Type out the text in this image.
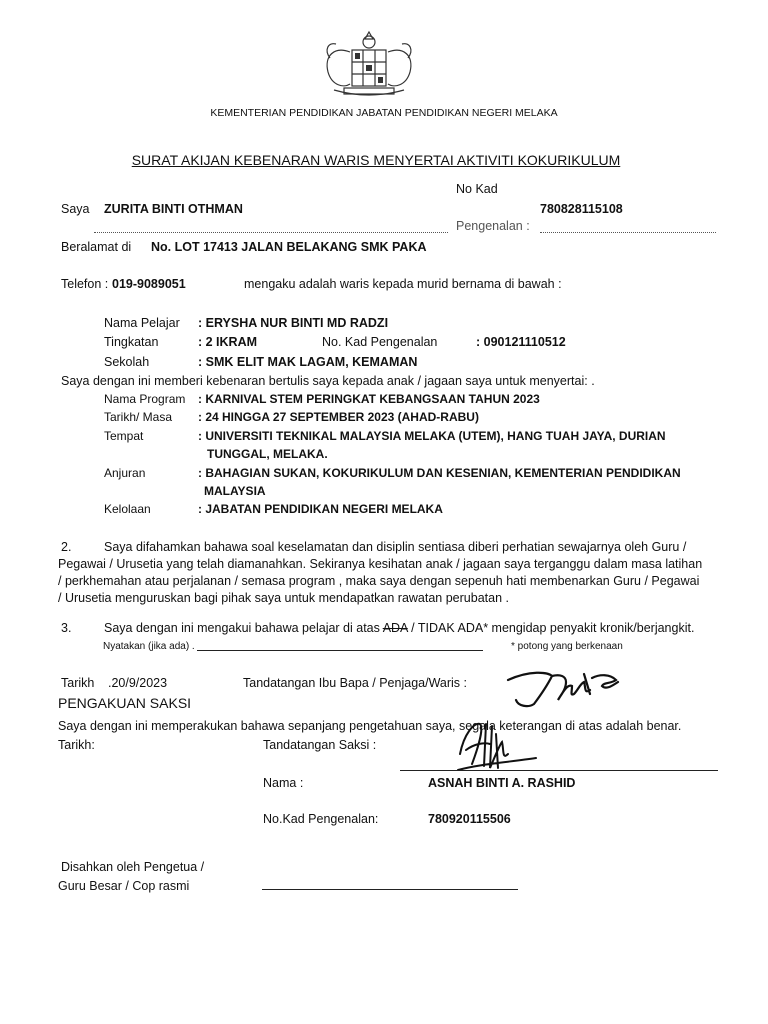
KEMENTERIAN PENDIDIKAN JABATAN PENDIDIKAN NEGERI MELAKA
SURAT AKIJAN KEBENARAN WARIS MENYERTAI AKTIVITI KOKURIKULUM
No Kad
Saya ZURITA BINTI OTHMAN	780828115108
Pengenalan :
Beralamat di No. LOT 17413 JALAN BELAKANG SMK PAKA
Telefon : 019-9089051	mengaku adalah waris kepada murid bernama di bawah :
Nama Pelajar : ERYSHA NUR BINTI MD RADZI
Tingkatan	: 2 IKRAM	No. Kad Pengenalan	: 090121110512
Sekolah	: SMK ELIT MAK LAGAM, KEMAMAN
Saya dengan ini memberi kebenaran bertulis saya kepada anak / jagaan saya untuk menyertai: .
Nama Program : KARNIVAL STEM PERINGKAT KEBANGSAAN TAHUN 2023
Tarikh/ Masa : 24 HINGGA 27 SEPTEMBER 2023 (AHAD-RABU)
Tempat	: UNIVERSITI TEKNIKAL MALAYSIA MELAKA (UTEM), HANG TUAH JAYA, DURIAN
TUNGGAL, MELAKA.
Anjuran	: BAHAGIAN SUKAN, KOKURIKULUM DAN KESENIAN, KEMENTERIAN PENDIDIKAN
MALAYSIA
Kelolaan	: JABATAN PENDIDIKAN NEGERI MELAKA
2.	Saya difahamkan bahawa soal keselamatan dan disiplin sentiasa diberi perhatian sewajarnya oleh Guru /
Pegawai / Urusetia yang telah diamanahkan. Sekiranya kesihatan anak / jagaan saya terganggu dalam masa latihan
/ perkhemahan atau perjalanan / semasa program , maka saya dengan sepenuh hati membenarkan Guru / Pegawai
/ Urusetia menguruskan bagi pihak saya untuk mendapatkan rawatan perubatan .
3.	Saya dengan ini mengakui bahawa pelajar di atas ADA / TIDAK ADA* mengidap penyakit kronik/berjangkit.
Nyatakan (jika ada) .	* potong yang berkenaan
Tarikh .20/9/2023	Tandatangan Ibu Bapa / Penjaga/Waris :
PENGAKUAN SAKSI
Saya dengan ini memperakukan bahawa sepanjang pengetahuan saya, segala keterangan di atas adalah benar.
Tarikh:	Tandatangan Saksi :
Nama :	ASNAH BINTI A. RASHID
No.Kad Pengenalan:	780920115506
Disahkan oleh Pengetua /
Guru Besar / Cop rasmi
